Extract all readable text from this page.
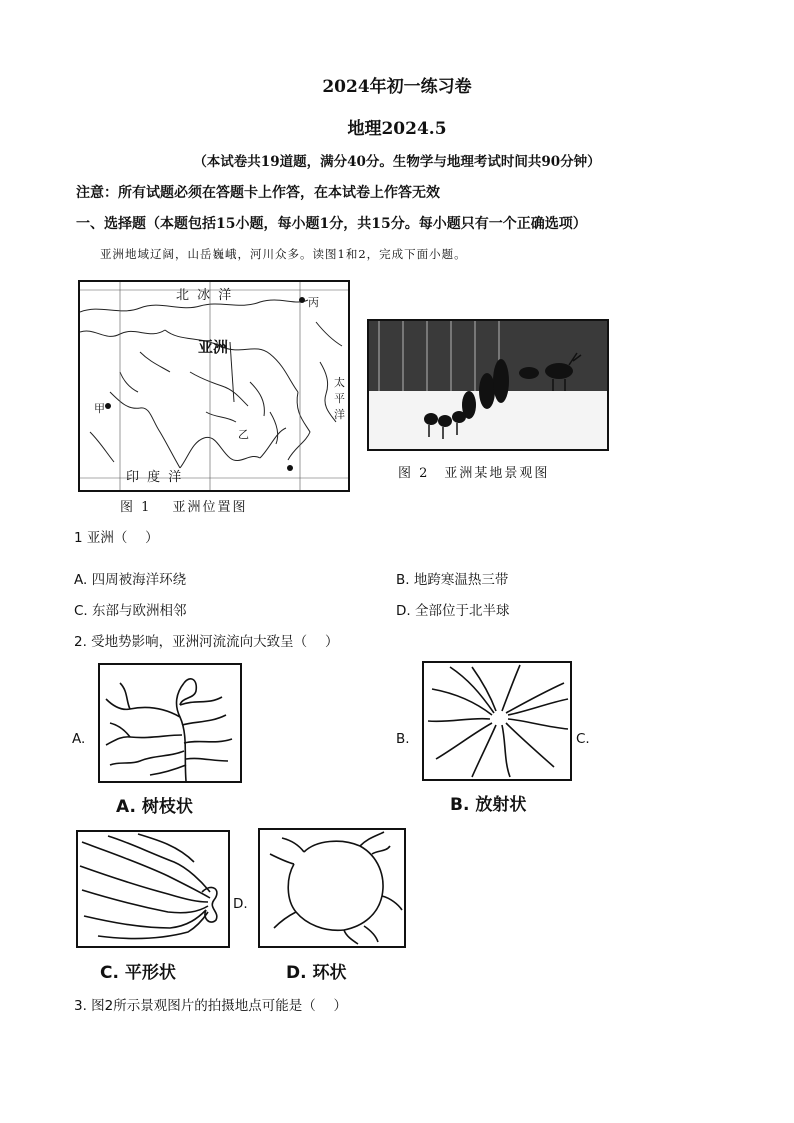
2024年初一练习卷
地理2024.5
（本试卷共19道题，满分40分。生物学与地理考试时间共90分钟）
注意：所有试题必须在答题卡上作答，在本试卷上作答无效
一、选择题（本题包括15小题，每小题1分，共15分。每小题只有一个正确选项）
亚洲地域辽阔，山岳巍峨，河川众多。读图1和2，完成下面小题。
北 冰 洋
亚洲
太
平
洋
印 度 洋
丙
甲
乙
图 1　 亚洲位置图
图 2　亚洲某地景观图
1 亚洲（　 ）
A. 四周被海洋环绕	B. 地跨寒温热三带
C. 东部与欧洲相邻	D. 全部位于北半球
2. 受地势影响，亚洲河流流向大致呈（　 ）
A.
A. 树枝状
B.	C.
B. 放射状
D.
C. 平形状	D. 环状
3. 图2所示景观图片的拍摄地点可能是（　 ）
